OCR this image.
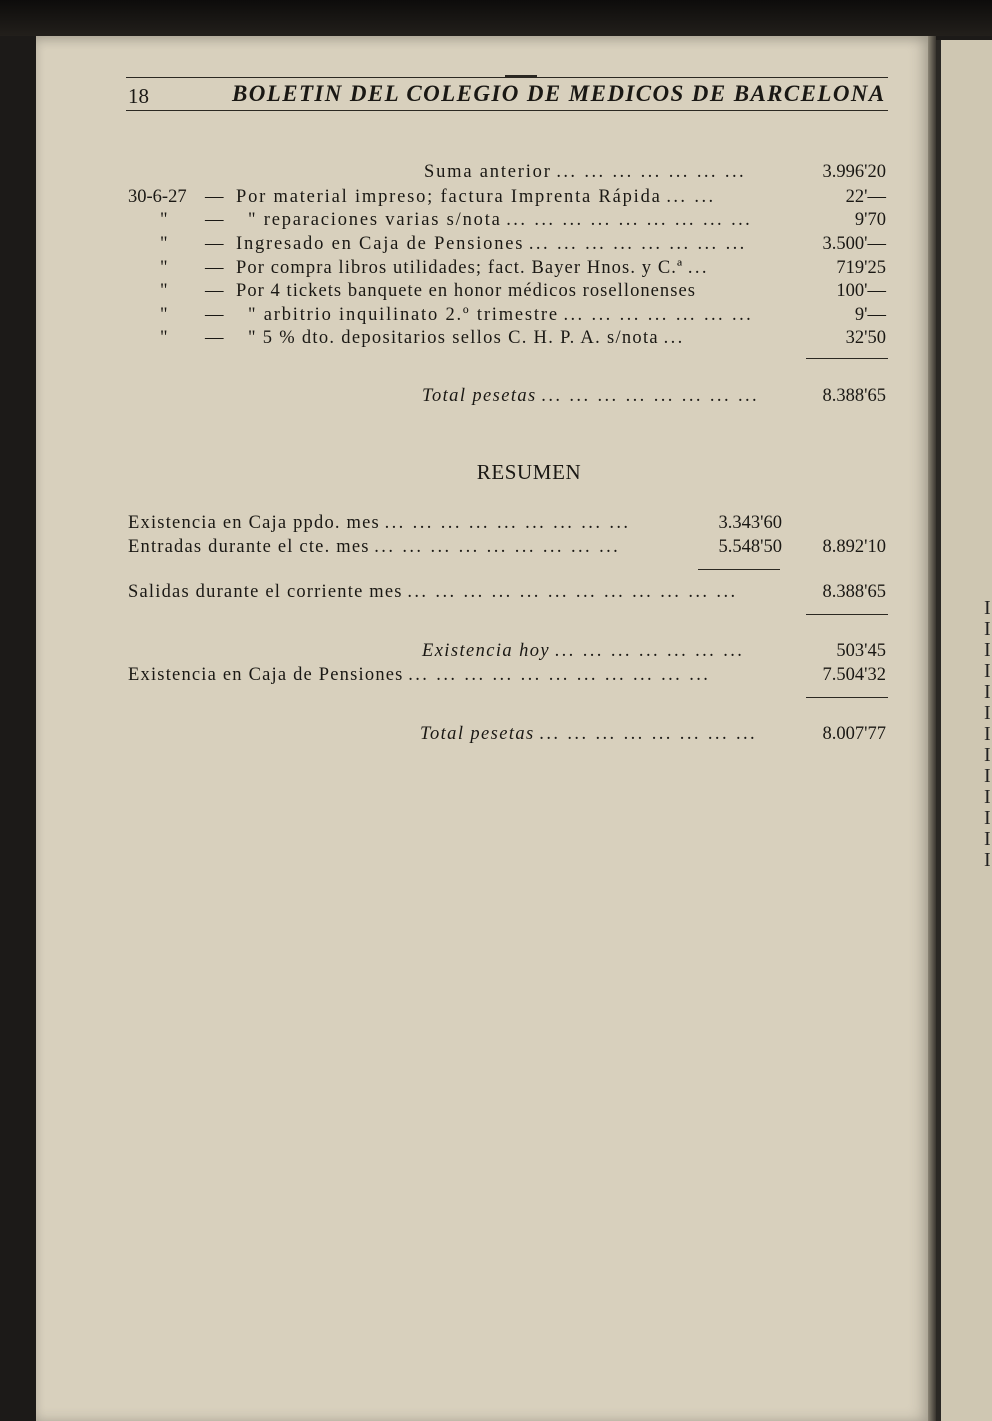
18	BOLETIN DEL COLEGIO DE MEDICOS DE BARCELONA
Suma anterior ... ... ... ... ... ... ...	3.996'20
30-6-27 — Por material impreso; factura Imprenta Rápida ... ...	22'—
" — " reparaciones varias s/nota ... ... ... ... ... ... ... ... ...	9'70
" — Ingresado en Caja de Pensiones ... ... ... ... ... ... ... ...	3.500'—
" — Por compra libros utilidades; fact. Bayer Hnos. y C.ª ...	719'25
" — Por 4 tickets banquete en honor médicos rosellonenses	100'—
" — " arbitrio inquilinato 2.º trimestre ... ... ... ... ... ... ...	9'—
" — " 5 % dto. depositarios sellos C. H. P. A. s/nota ...	32'50
Total pesetas ... ... ... ... ... ... ... ...	8.388'65
RESUMEN
Existencia en Caja ppdo. mes ... ... ... ... ... ... ... ... ...	3.343'60
Entradas durante el cte. mes ... ... ... ... ... ... ... ... ...	5.548'50 8.892'10
Salidas durante el corriente mes ... ... ... ... ... ... ... ... ... ... ... ...	8.388'65
Existencia hoy ... ... ... ... ... ... ...	503'45
Existencia en Caja de Pensiones ... ... ... ... ... ... ... ... ... ... ...	7.504'32
Total pesetas ... ... ... ... ... ... ... ...	8.007'77
I
I
I
I
I
I
I
I
I
I
I
I
I
